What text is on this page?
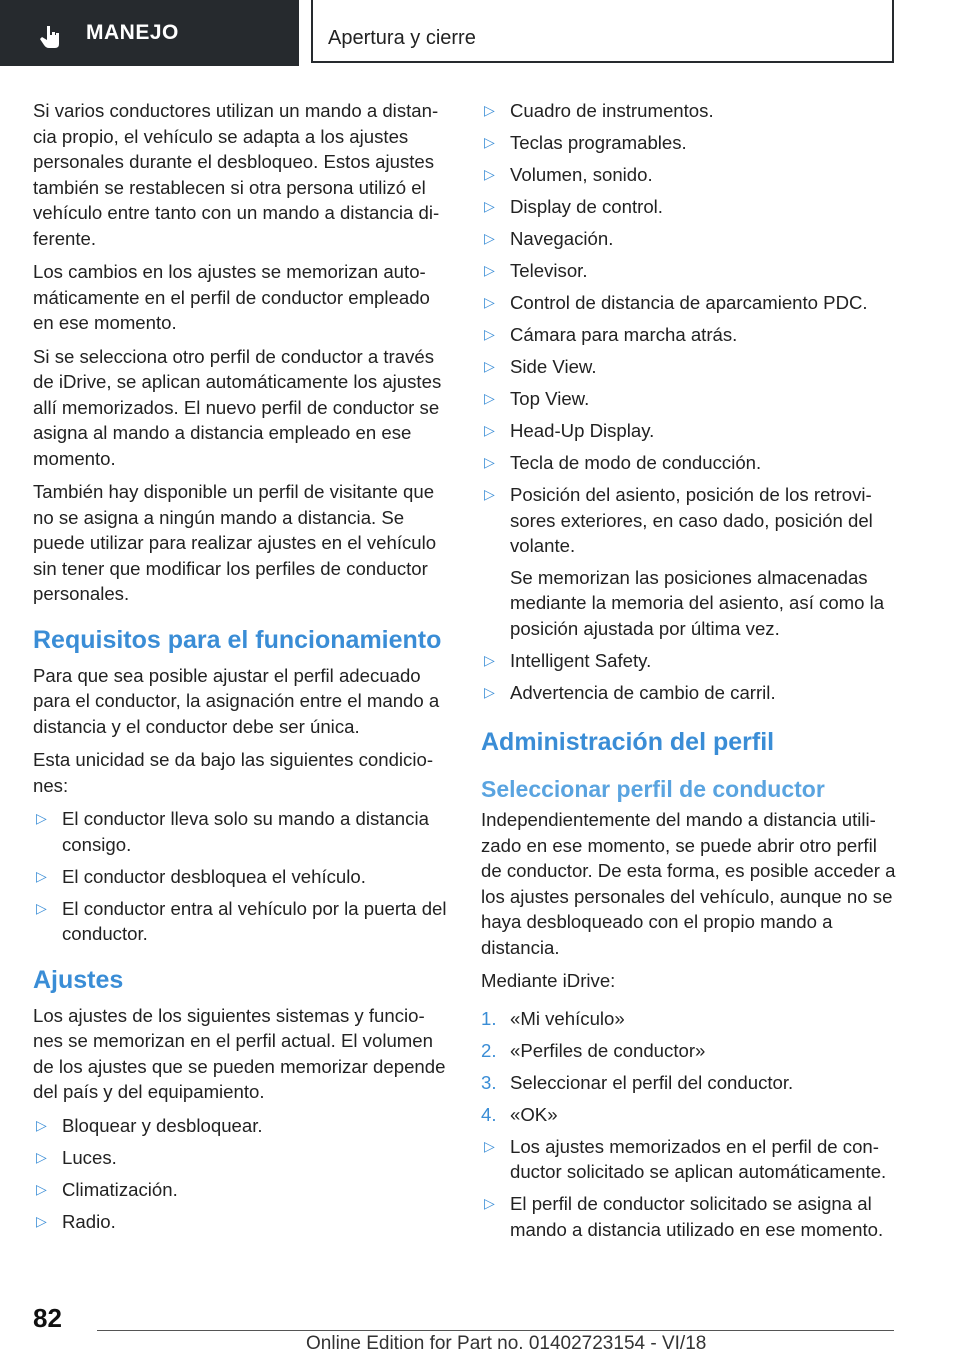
MANEJO	Apertura y cierre

Si varios conductores utilizan un mando a distancia propio, el vehículo se adapta a los ajustes personales durante el desbloqueo. Estos ajustes también se restablecen si otra persona utilizó el vehículo entre tanto con un mando a distancia diferente.

Los cambios en los ajustes se memorizan automáticamente en el perfil de conductor empleado en ese momento.

Si se selecciona otro perfil de conductor a través de iDrive, se aplican automáticamente los ajustes allí memorizados. El nuevo perfil de conductor se asigna al mando a distancia empleado en ese momento.

También hay disponible un perfil de visitante que no se asigna a ningún mando a distancia. Se puede utilizar para realizar ajustes en el vehículo sin tener que modificar los perfiles de conductor personales.

Requisitos para el funcionamiento

Para que sea posible ajustar el perfil adecuado para el conductor, la asignación entre el mando a distancia y el conductor debe ser única.

Esta unicidad se da bajo las siguientes condiciones:

▷ El conductor lleva solo su mando a distancia consigo.
▷ El conductor desbloquea el vehículo.
▷ El conductor entra al vehículo por la puerta del conductor.
Ajustes

Los ajustes de los siguientes sistemas y funciones se memorizan en el perfil actual. El volumen de los ajustes que se pueden memorizar depende del país y del equipamiento.

▷ Bloquear y desbloquear.
▷ Luces.
▷ Climatización.
▷ Radio.
▷ Cuadro de instrumentos.
▷ Teclas programables.
▷ Volumen, sonido.
▷ Display de control.
▷ Navegación.
▷ Televisor.
▷ Control de distancia de aparcamiento PDC.
▷ Cámara para marcha atrás.
▷ Side View.
▷ Top View.
▷ Head-Up Display.
▷ Tecla de modo de conducción.
▷ Posición del asiento, posición de los retrovisores exteriores, en caso dado, posición del volante.
Se memorizan las posiciones almacenadas mediante la memoria del asiento, así como la posición ajustada por última vez.
▷ Intelligent Safety.
▷ Advertencia de cambio de carril.
Administración del perfil
Seleccionar perfil de conductor

Independientemente del mando a distancia utilizado en ese momento, se puede abrir otro perfil de conductor. De esta forma, es posible acceder a los ajustes personales del vehículo, aunque no se haya desbloqueado con el propio mando a distancia.

Mediante iDrive:

1. «Mi vehículo»
2. «Perfiles de conductor»
3. Seleccionar el perfil del conductor.
4. «OK»
▷ Los ajustes memorizados en el perfil de conductor solicitado se aplican automáticamente.
▷ El perfil de conductor solicitado se asigna al mando a distancia utilizado en ese momento.
82
Online Edition for Part no. 01402723154 - VI/18
